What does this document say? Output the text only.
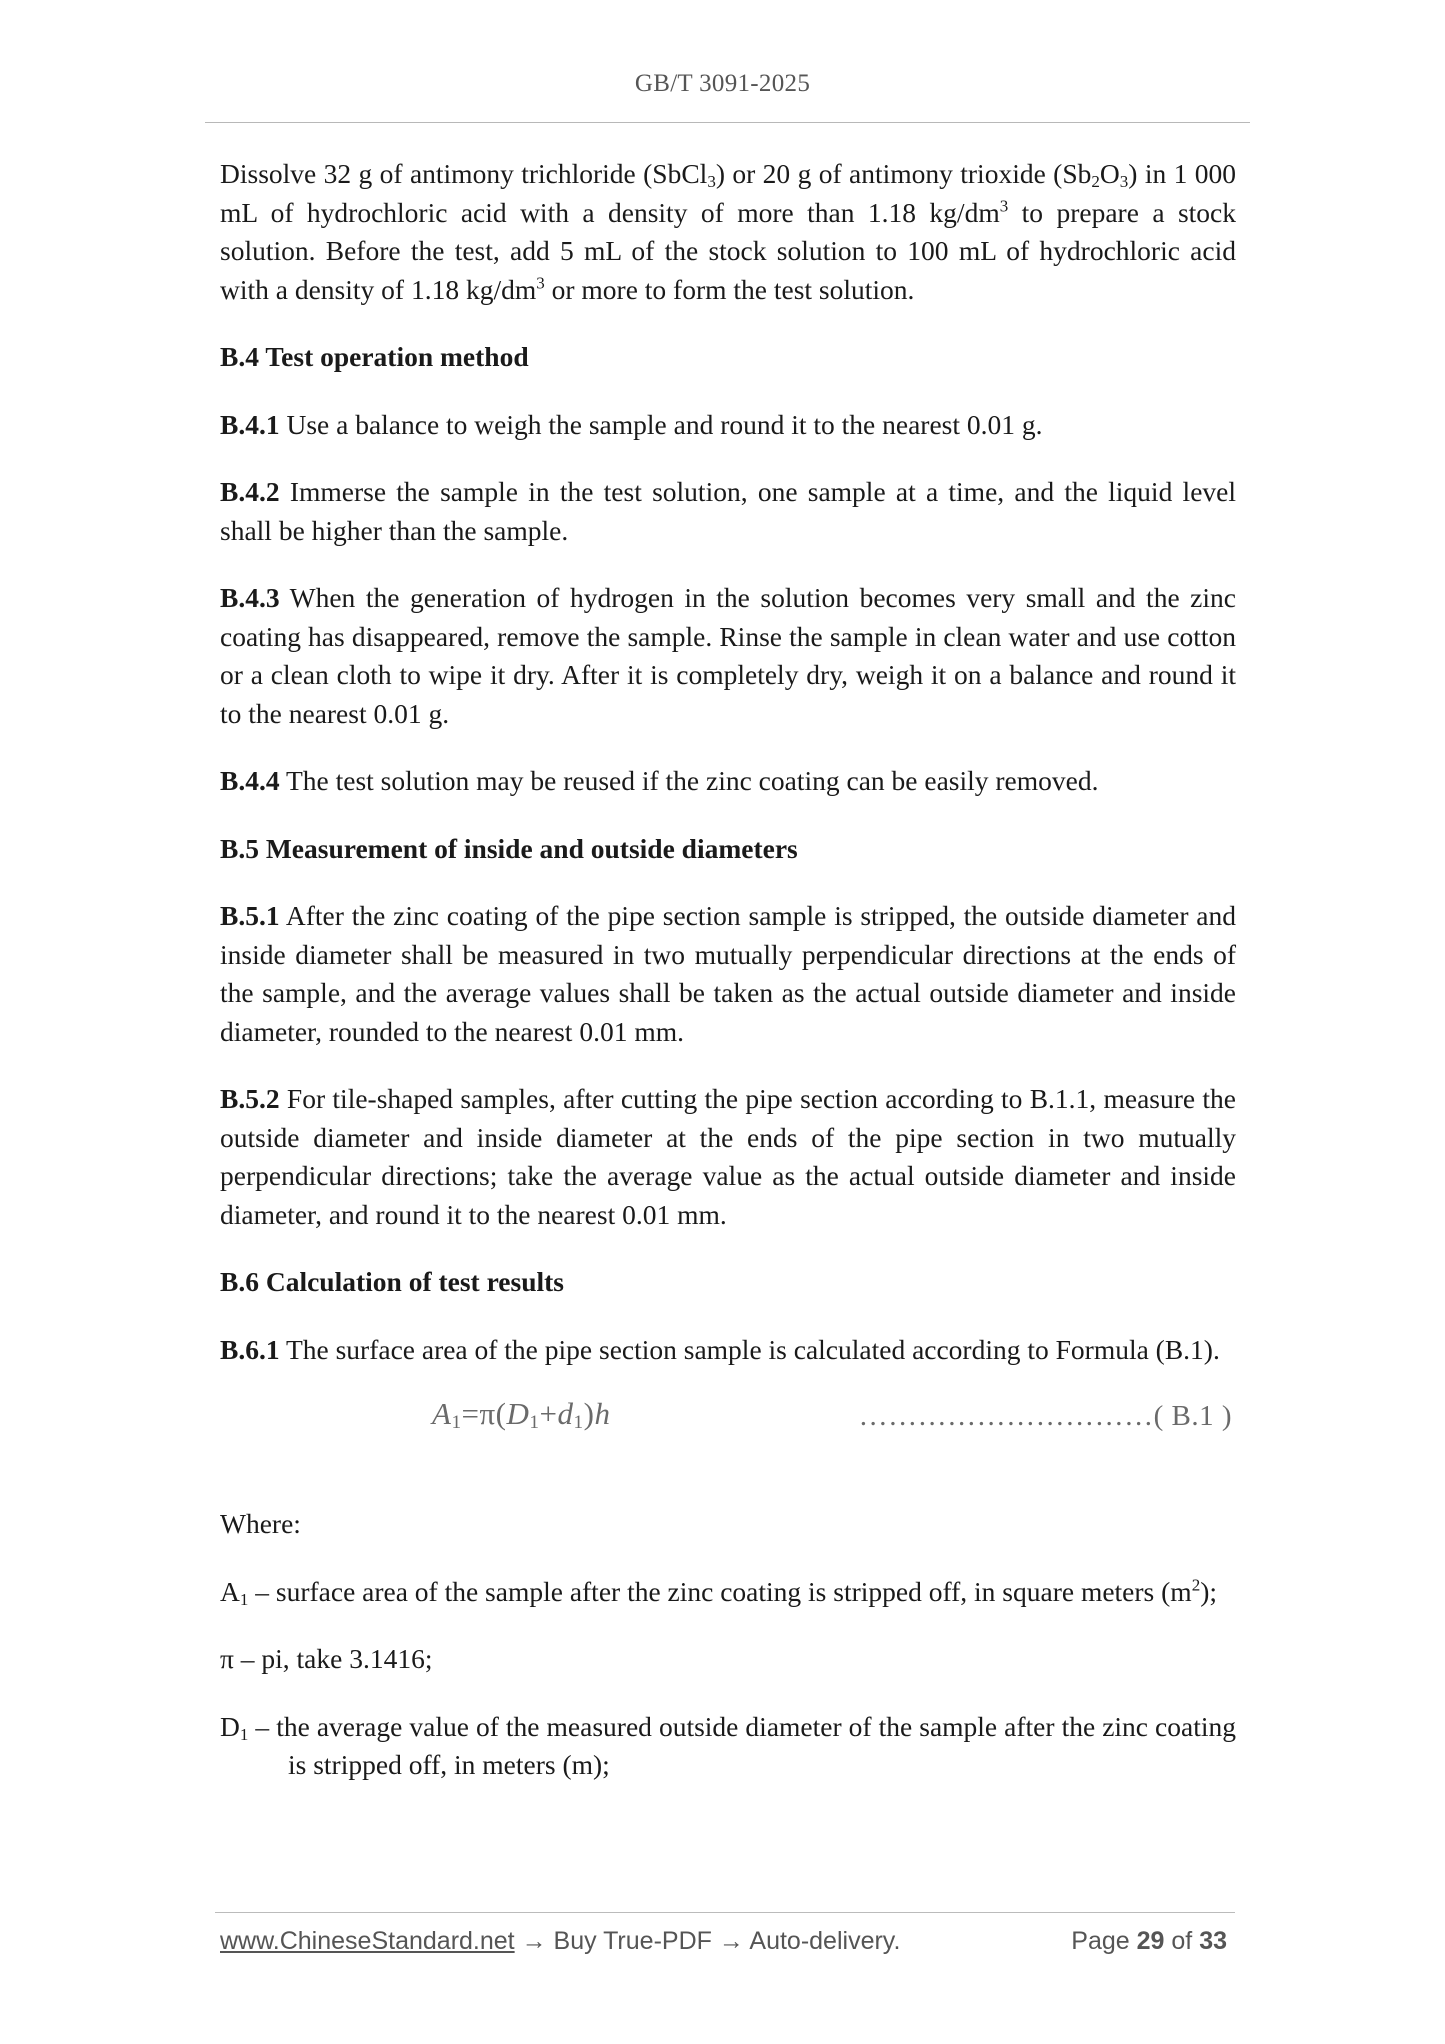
GB/T 3091-2025

Dissolve 32 g of antimony trichloride (SbCl$_3$) or 20 g of antimony trioxide $(Sb_2O_3)$ in 1 000 mL of hydrochloric acid with a density of more than 1.18 $kg/dm^3$ to prepare a stock solution. Before the test, add 5 mL of the stock solution to 100 mL of hydrochloric acid with a density of 1.18 $kg/dm^3$ or more to form the test solution.

B.4 Test operation method

B.4.1 Use a balance to weigh the sample and round it to the nearest 0.01 g.

B.4.2 Immerse the sample in the test solution, one sample at a time, and the liquid level shall be higher than the sample.

B.4.3 When the generation of hydrogen in the solution becomes very small and the zinc coating has disappeared, remove the sample. Rinse the sample in clean water and use cotton or a clean cloth to wipe it dry. After it is completely dry, weigh it on a balance and round it to the nearest 0.01 g.

B.4.4 The test solution may be reused if the zinc coating can be easily removed.

B.5 Measurement of inside and outside diameters

B.5.1 After the zinc coating of the pipe section sample is stripped, the outside diameter and inside diameter shall be measured in two mutually perpendicular directions at the ends of the sample, and the average values shall be taken as the actual outside diameter and inside diameter, rounded to the nearest 0.01 mm.

B.5.2 For tile-shaped samples, after cutting the pipe section according to B.1.1, measure the outside diameter and inside diameter at the ends of the pipe section in two mutually perpendicular directions; take the average value as the actual outside diameter and inside diameter, and round it to the nearest 0.01 mm.

B.6 Calculation of test results

B.6.1 The surface area of the pipe section sample is calculated according to Formula (B.1).

$A_1=\pi(D_1+d_1)h$	…………………………( B.1 )

Where:

$A_1$ – surface area of the sample after the zinc coating is stripped off, in square meters $(m^2)$;

π – pi, take 3.1416;

$D_1$ – the average value of the measured outside diameter of the sample after the zinc coating is stripped off, in meters (m);

www.ChineseStandard.net → Buy True-PDF → Auto-delivery.	Page 29 of 33
